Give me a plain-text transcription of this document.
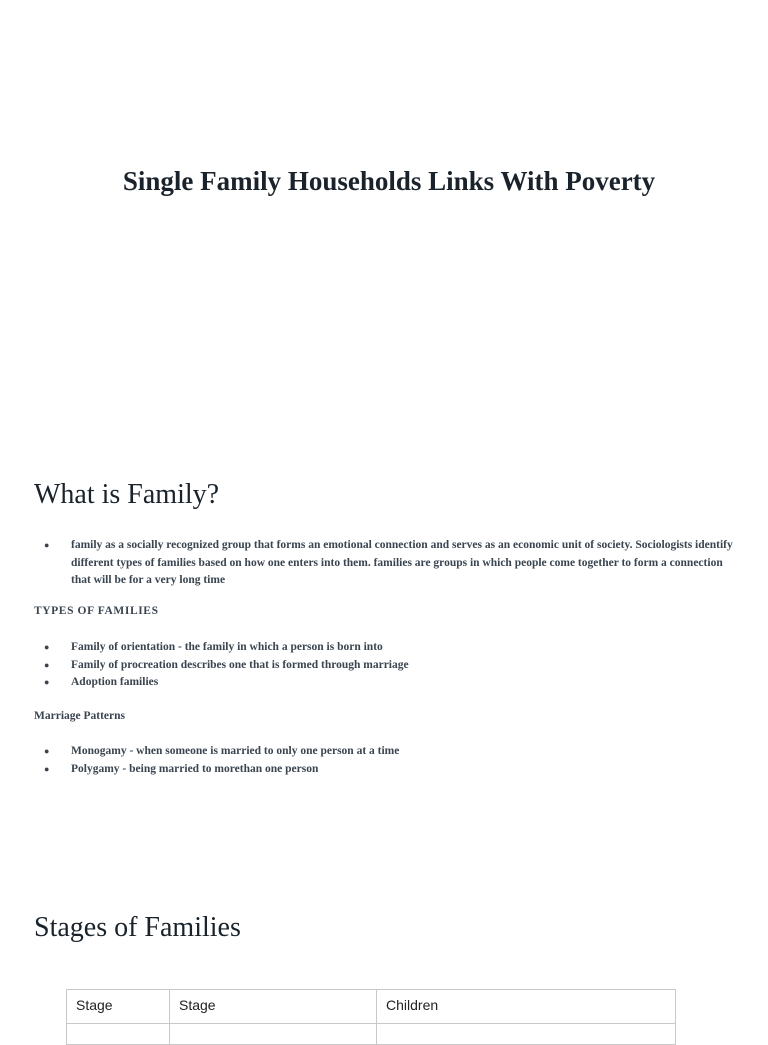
Single Family Households Links With Poverty
What is Family?
● family as a socially recognized group that forms an emotional connection and serves as an economic unit of society. Sociologists identify different types of families based on how one enters into them. families are groups in which people come together to form a connection that will be for a very long time

TYPES OF FAMILIES

● Family of orientation - the family in which a person is born into
● Family of procreation describes one that is formed through marriage
● Adoption families

Marriage Patterns

● Monogamy - when someone is married to only one person at a time
● Polygamy - being married to morethan one person
Stages of Families
Stage	Stage	Children
